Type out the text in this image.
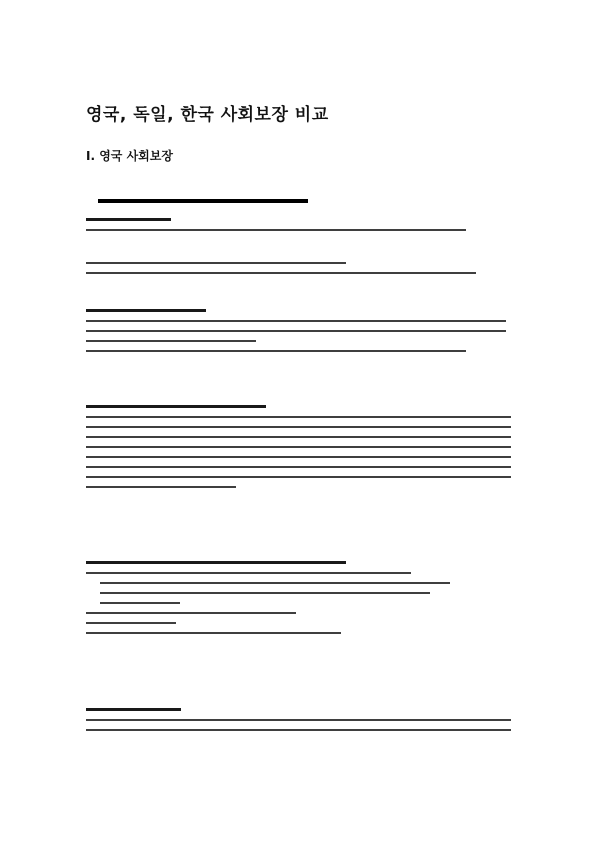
영국, 독일, 한국 사회보장 비교
I. 영국 사회보장
